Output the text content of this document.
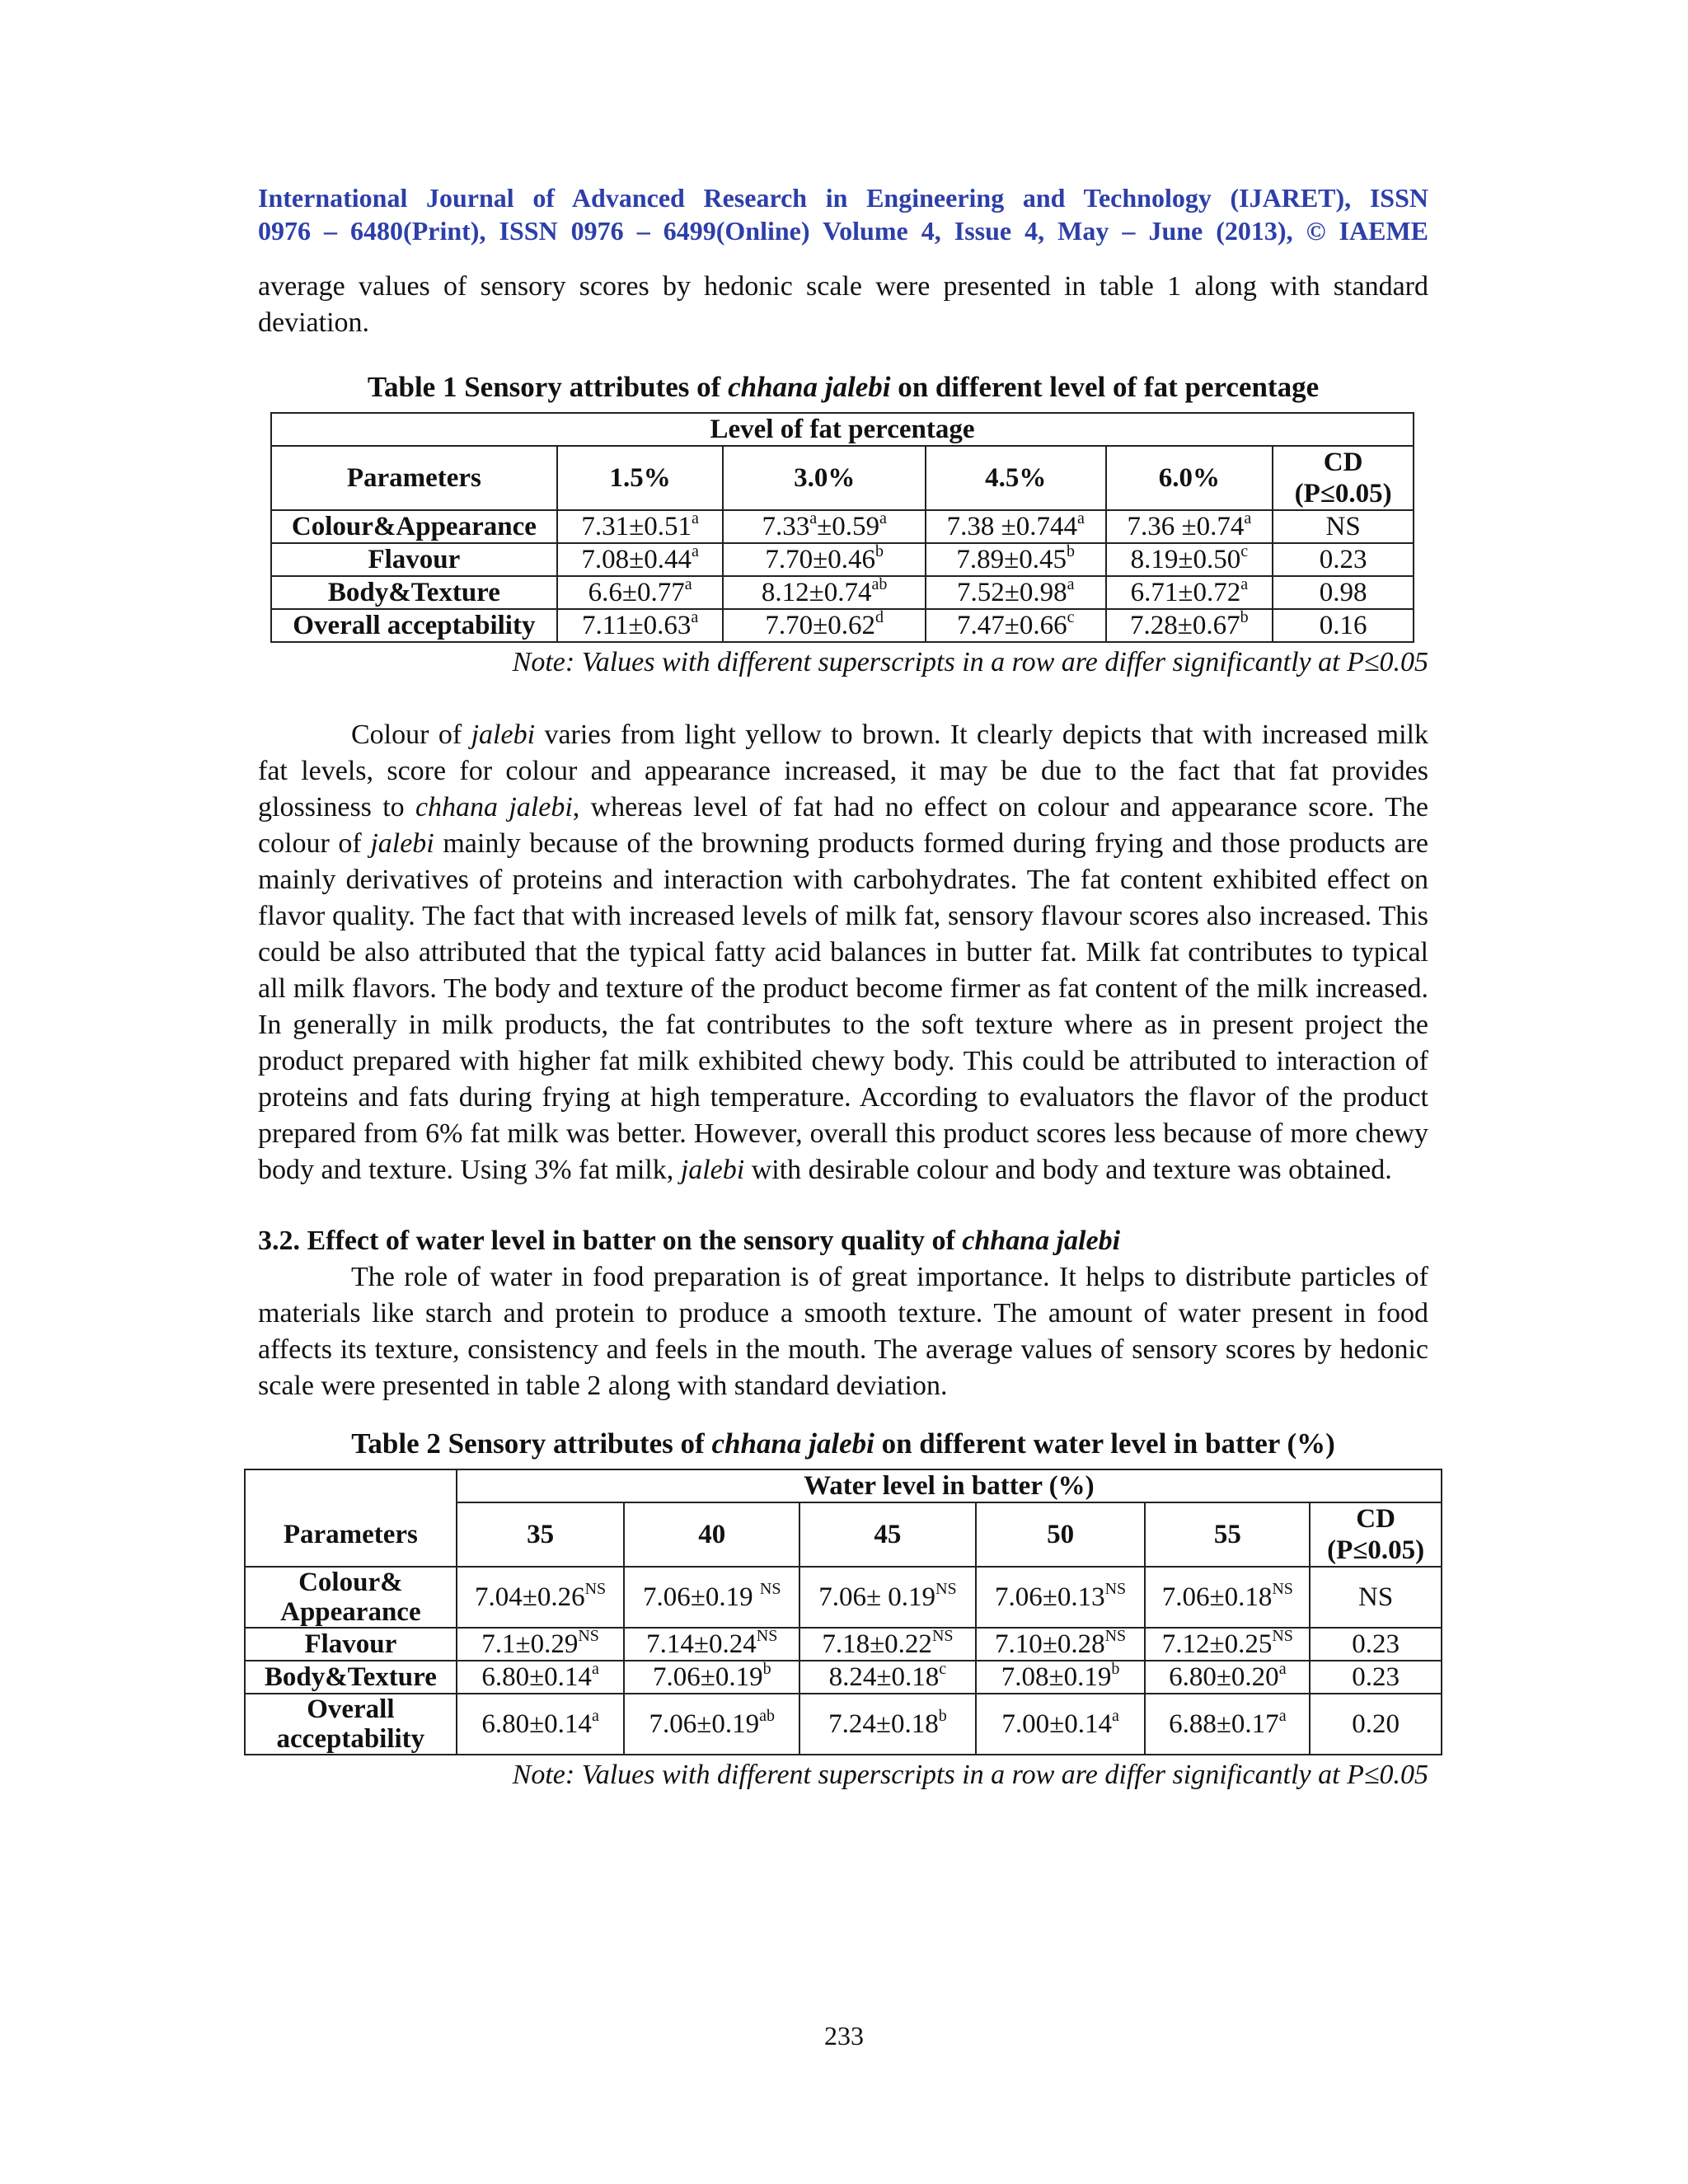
International Journal of Advanced Research in Engineering and Technology (IJARET), ISSN
0976 – 6480(Print), ISSN 0976 – 6499(Online) Volume 4, Issue 4, May – June (2013), © IAEME

average values of sensory scores by hedonic scale were presented in table 1 along with standard deviation.

Table 1 Sensory attributes of chhana jalebi on different level of fat percentage

Level of fat percentage					
Parameters	1.5%	3.0%	4.5%	6.0%	CD
(P≤0.05)
Colour&Appearance	7.31±0.51$^a$	7.33$^a$±0.59$^a$	7.38 ±0.744$^a$	7.36 ±0.74$^a$	NS
Flavour	7.08±0.44$^a$	7.70±0.46$^b$	7.89±0.45$^b$	8.19±0.50$^c$	0.23
Body&Texture	6.6±0.77$^a$	8.12±0.74$^{ab}$	7.52±0.98$^a$	6.71±0.72$^a$	0.98
Overall acceptability	7.11±0.63$^a$	7.70±0.62$^d$	7.47±0.66$^c$	7.28±0.67$^b$	0.16

Note: Values with different superscripts in a row are differ significantly at P≤0.05

Colour of jalebi varies from light yellow to brown. It clearly depicts that with increased milk fat levels, score for colour and appearance increased, it may be due to the fact that fat provides glossiness to chhana jalebi, whereas level of fat had no effect on colour and appearance score. The colour of jalebi mainly because of the browning products formed during frying and those products are mainly derivatives of proteins and interaction with carbohydrates. The fat content exhibited effect on flavor quality. The fact that with increased levels of milk fat, sensory flavour scores also increased. This could be also attributed that the typical fatty acid balances in butter fat. Milk fat contributes to typical all milk flavors. The body and texture of the product become firmer as fat content of the milk increased. In generally in milk products, the fat contributes to the soft texture where as in present project the product prepared with higher fat milk exhibited chewy body. This could be attributed to interaction of proteins and fats during frying at high temperature. According to evaluators the flavor of the product prepared from 6% fat milk was better. However, overall this product scores less because of more chewy body and texture. Using 3% fat milk, jalebi with desirable colour and body and texture was obtained.

3.2. Effect of water level in batter on the sensory quality of chhana jalebi

The role of water in food preparation is of great importance. It helps to distribute particles of materials like starch and protein to produce a smooth texture. The amount of water present in food affects its texture, consistency and feels in the mouth. The average values of sensory scores by hedonic scale were presented in table 2 along with standard deviation.

Table 2 Sensory attributes of chhana jalebi on different water level in batter (%)

	Water level in batter (%)					
Parameters	35	40	45	50	55	CD
(P≤0.05)
Colour&
Appearance	$7.04\pm 0.26^{NS}$	7.06±0.19 $^{NS}$	$7.06\pm 0.19^{NS}$	$7.06\pm 0.13^{NS}$	$7.06\pm 0.18^{NS}$	NS
Flavour	$7.1\pm 0.29^{NS}$	$7.14\pm 0.24^{NS}$	$7.18\pm 0.22^{NS}$	$7.10\pm 0.28^{NS}$	$7.12\pm 0.25^{NS}$	0.23
Body&Texture	6.80±0.14$^a$	7.06±0.19$^b$	8.24±0.18$^c$	7.08±0.19$^b$	6.80±0.20$^a$	0.23
Overall
acceptability	6.80±0.14$^a$	7.06±0.19$^{ab}$	7.24±0.18$^b$	7.00±0.14$^a$	6.88±0.17$^a$	0.20

Note: Values with different superscripts in a row are differ significantly at P≤0.05

233
